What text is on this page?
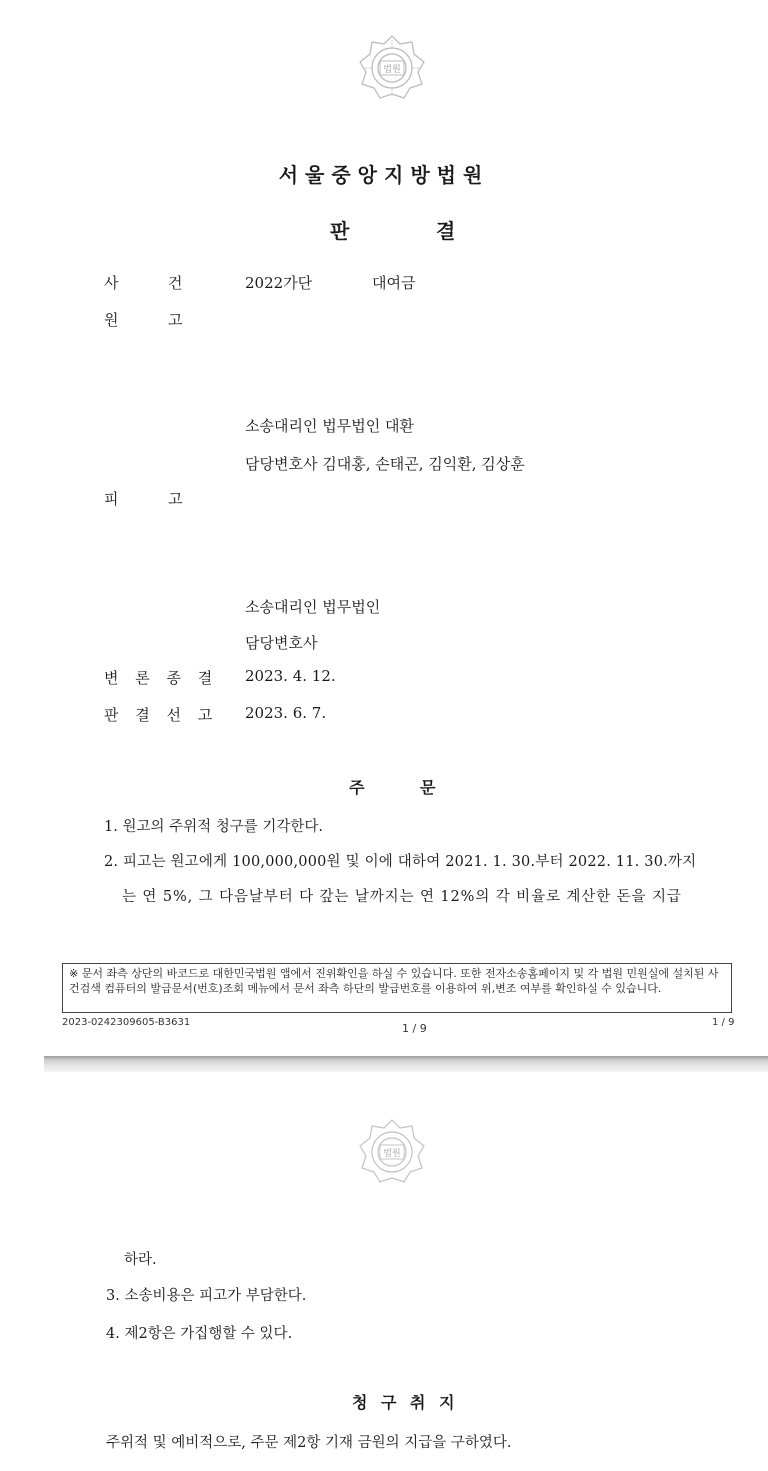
법원
서울중앙지방법원
판	결
사	건	2022가단	대여금
원	고
소송대리인 법무법인 대환
담당변호사 김대홍, 손태곤, 김익환, 김상훈
피	고
소송대리인 법무법인
담당변호사
변 론 종 결 2023. 4. 12.
판 결 선 고 2023. 6. 7.
주	문
1. 원고의 주위적 청구를 기각한다.
2. 피고는 원고에게 100,000,000원 및 이에 대하여 2021. 1. 30.부터 2022. 11. 30.까지
는 연 5%, 그 다음날부터 다 갚는 날까지는 연 12%의 각 비율로 계산한 돈을 지급
※ 문서 좌측 상단의 바코드로 대한민국법원 앱에서 진위확인을 하실 수 있습니다. 또한 전자소송홈페이지 및 각 법원 민원실에 설치된 사건검색 컴퓨터의 발급문서(번호)조회 메뉴에서 문서 좌측 하단의 발급번호를 이용하여 위,변조 여부를 확인하실 수 있습니다.
2023-0242309605-B3631	1 / 9	1 / 9
법원
하라.
3. 소송비용은 피고가 부담한다.
4. 제2항은 가집행할 수 있다.
청 구 취 지
주위적 및 예비적으로, 주문 제2항 기재 금원의 지급을 구하였다.
